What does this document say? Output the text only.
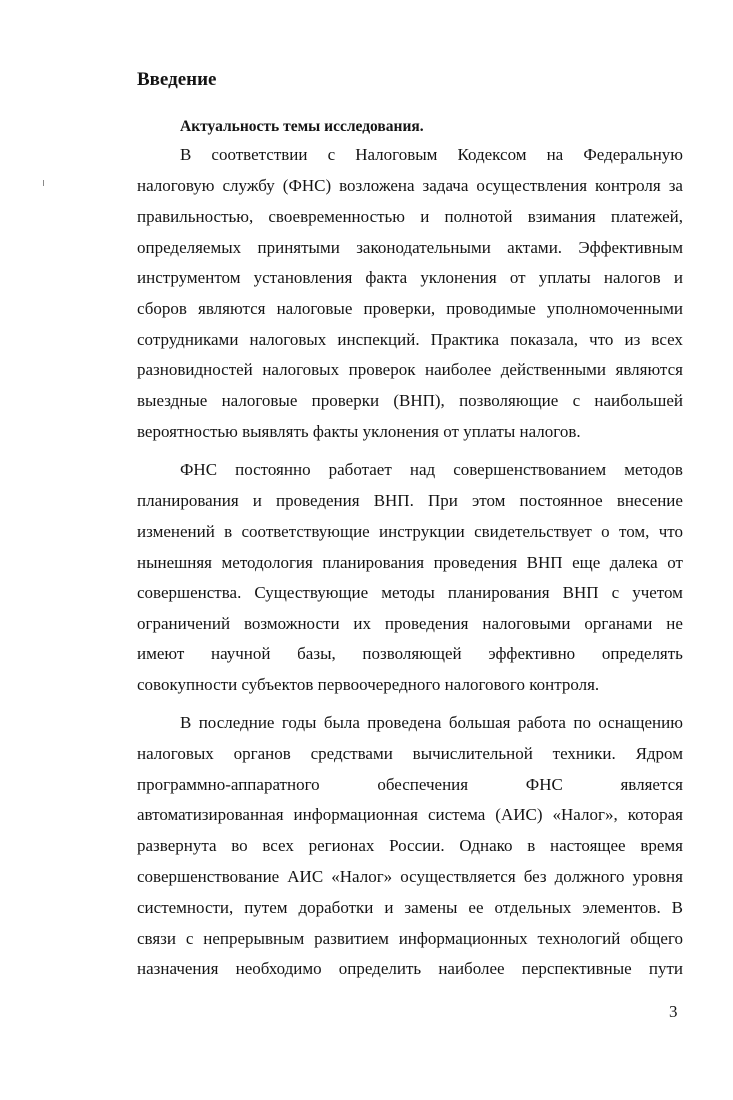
Введение
Актуальность темы исследования.
В соответствии с Налоговым Кодексом на Федеральную
налоговую службу (ФНС) возложена задача осуществления контроля за
правильностью, своевременностью и полнотой взимания платежей,
определяемых принятыми законодательными актами. Эффективным
инструментом установления факта уклонения от уплаты налогов и
сборов являются налоговые проверки, проводимые уполномоченными
сотрудниками налоговых инспекций. Практика показала, что из всех
разновидностей налоговых проверок наиболее действенными являются
выездные налоговые проверки (ВНП), позволяющие с наибольшей
вероятностью выявлять факты уклонения от уплаты налогов.
ФНС постоянно работает над совершенствованием методов
планирования и проведения ВНП. При этом постоянное внесение
изменений в соответствующие инструкции свидетельствует о том, что
нынешняя методология планирования проведения ВНП еще далека от
совершенства. Существующие методы планирования ВНП с учетом
ограничений возможности их проведения налоговыми органами не
имеют научной базы, позволяющей эффективно определять
совокупности субъектов первоочередного налогового контроля.
В последние годы была проведена большая работа по оснащению
налоговых органов средствами вычислительной техники. Ядром
программно-аппаратного	обеспечения	ФНС	является
автоматизированная информационная система (АИС) «Налог», которая
развернута во всех регионах России. Однако в настоящее время
совершенствование АИС «Налог» осуществляется без должного уровня
системности, путем доработки и замены ее отдельных элементов. В
связи с непрерывным развитием информационных технологий общего
назначения необходимо определить наиболее перспективные пути
3
